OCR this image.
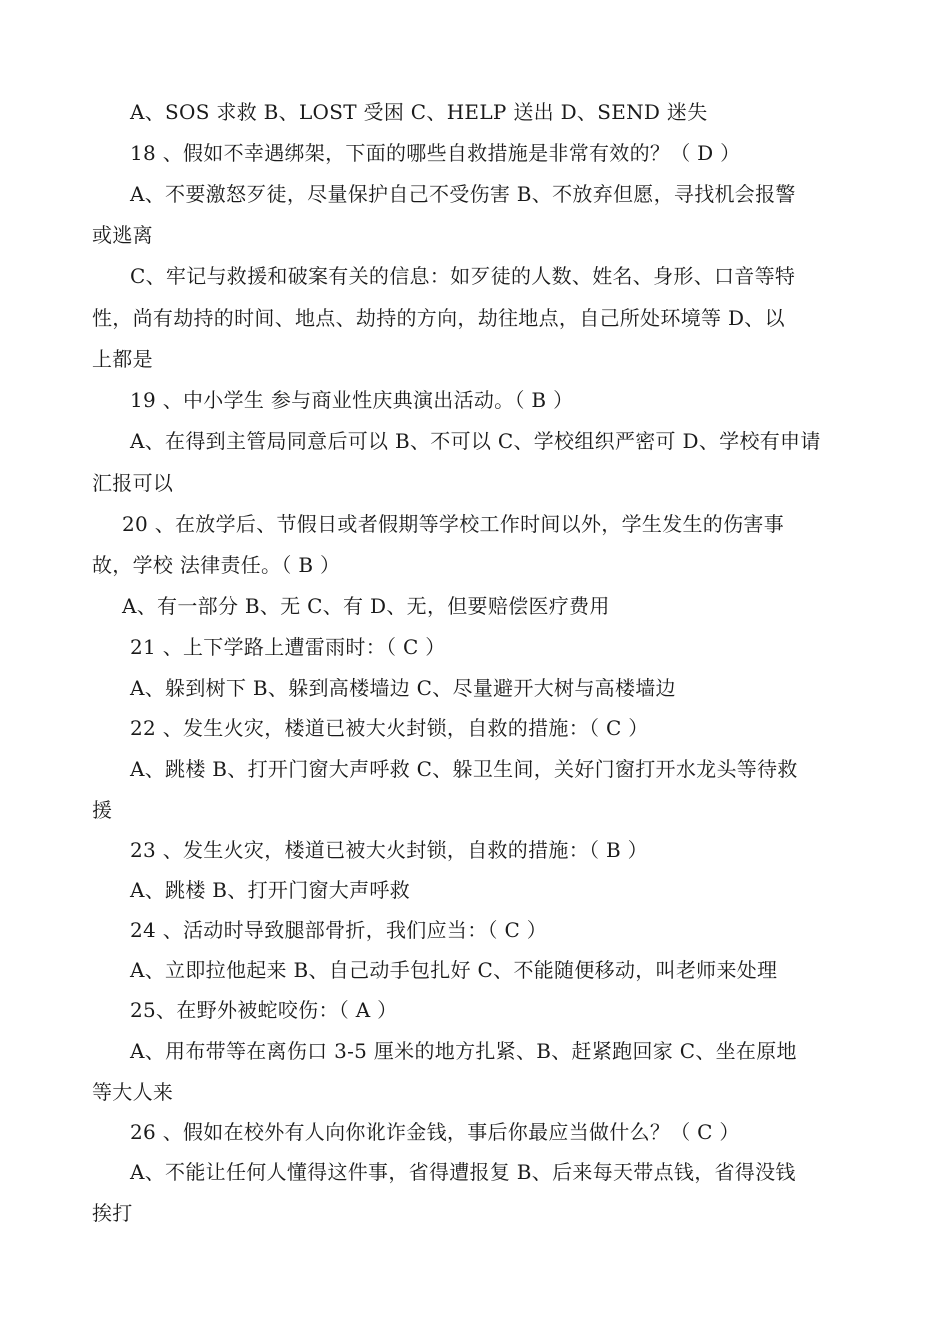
A、SOS 求救 B、LOST 受困 C、HELP 送出 D、SEND 迷失
18 、假如不幸遇绑架，下面的哪些自救措施是非常有效的？（ D ）
A、不要激怒歹徒，尽量保护自己不受伤害 B、不放弃但愿，寻找机会报警
或逃离
C、牢记与救援和破案有关的信息：如歹徒的人数、姓名、身形、口音等特
性，尚有劫持的时间、地点、劫持的方向，劫往地点，自己所处环境等 D、以
上都是
19 、中小学生 参与商业性庆典演出活动。（ B ）
A、在得到主管局同意后可以 B、不可以 C、学校组织严密可 D、学校有申请
汇报可以
20 、在放学后、节假日或者假期等学校工作时间以外，学生发生的伤害事
故，学校 法律责任。（ B ）
A、有一部分 B、无 C、有 D、无，但要赔偿医疗费用
21 、上下学路上遭雷雨时：（ C ）
A、躲到树下 B、躲到高楼墙边 C、尽量避开大树与高楼墙边
22 、发生火灾，楼道已被大火封锁，自救的措施：（ C ）
A、跳楼 B、打开门窗大声呼救 C、躲卫生间，关好门窗打开水龙头等待救
援
23 、发生火灾，楼道已被大火封锁，自救的措施：（ B ）
A、跳楼 B、打开门窗大声呼救
24 、活动时导致腿部骨折，我们应当：（ C ）
A、立即拉他起来 B、自己动手包扎好 C、不能随便移动，叫老师来处理
25、在野外被蛇咬伤：（ A ）
A、用布带等在离伤口 3-5 厘米的地方扎紧、B、赶紧跑回家 C、坐在原地
等大人来
26 、假如在校外有人向你讹诈金钱，事后你最应当做什么？（ C ）
A、不能让任何人懂得这件事，省得遭报复 B、后来每天带点钱，省得没钱
挨打
